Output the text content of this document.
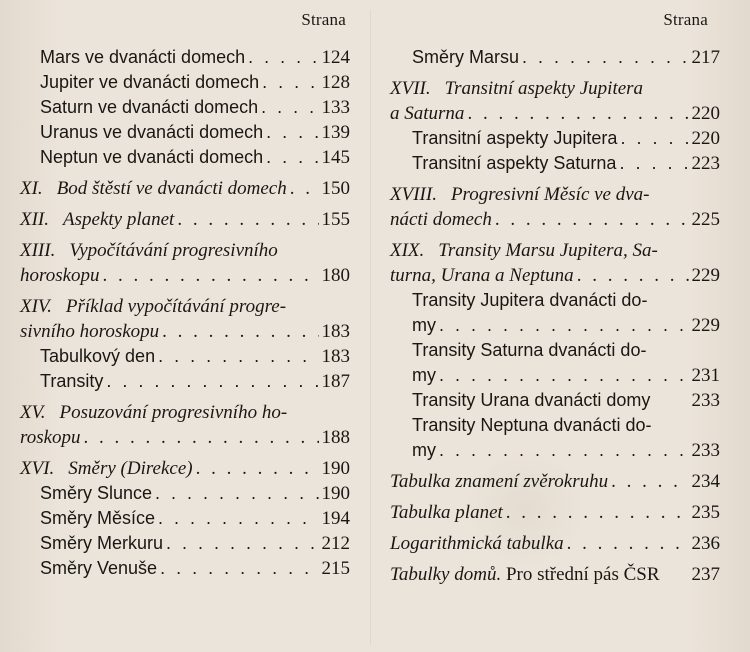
Strana	Strana
Mars ve dvanácti domech . . .	124
Jupiter ve dvanácti domech . . .	128
Saturn ve dvanácti domech . . .	133
Uranus ve dvanácti domech . . .	139
Neptun ve dvanácti domech . . .	145
XI. Bod štěstí ve dvanácti domech . . . 150
XII. Aspekty planet . . .	155
XIII. Vypočítávání progresivního
horoskopu . . .	180
XIV. Příklad vypočítávání progre-
sivního horoskopu . . .	183
Tabulkový den . . .	183
Transity . . .	187
XV. Posuzování progresivního ho-
roskopu . . .	188
XVI. Směry (Direkce) . . .	190
Směry Slunce . . .	190
Směry Měsíce . . .	194
Směry Merkuru . . .	212
Směry Venuše . . .	215
Směry Marsu . . .	217
XVII. Transitní aspekty Jupitera
a Saturna . . .	220
Transitní aspekty Jupitera . . .	220
Transitní aspekty Saturna . . .	223
XVIII. Progresivní Měsíc ve dva-
nácti domech . . .	225
XIX. Transity Marsu Jupitera, Sa-
turna, Urana a Neptuna . . .	229
Transity Jupitera dvanácti do-
my . . .	229
Transity Saturna dvanácti do-
my . . .	231
Transity Urana dvanácti domy 233
Transity Neptuna dvanácti do-
my . . .	233
Tabulka znamení zvěrokruhu . . .	234
Tabulka planet . . .	235
Logarithmická tabulka . . .	236
Tabulky domů. Pro střední pás ČSR 237
